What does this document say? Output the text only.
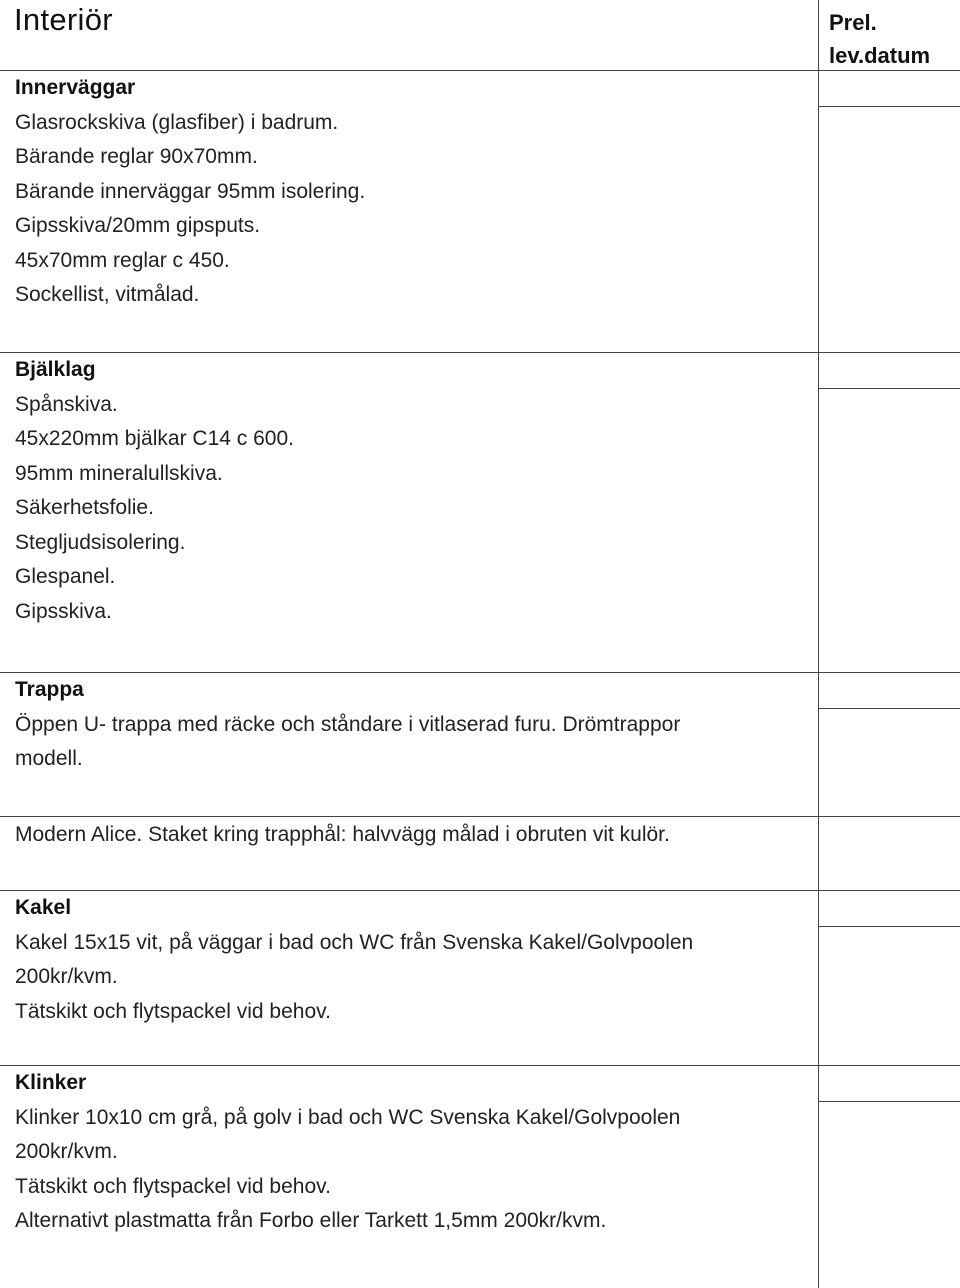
Interiör	Prel.
lev.datum
Innerväggar
Glasrockskiva (glasfiber) i badrum.
Bärande reglar 90x70mm.
Bärande innerväggar 95mm isolering.
Gipsskiva/20mm gipsputs.
45x70mm reglar c 450.
Sockellist, vitmålad.
Bjälklag
Spånskiva.
45x220mm bjälkar C14 c 600.
95mm mineralullskiva.
Säkerhetsfolie.
Stegljudsisolering.
Glespanel.
Gipsskiva.
Trappa
Öppen U- trappa med räcke och ståndare i vitlaserad furu. Drömtrappor
modell.
Modern Alice. Staket kring trapphål: halvvägg målad i obruten vit kulör.
Kakel
Kakel 15x15 vit, på väggar i bad och WC från Svenska Kakel/Golvpoolen
200kr/kvm.
Tätskikt och flytspackel vid behov.
Klinker
Klinker 10x10 cm grå, på golv i bad och WC Svenska Kakel/Golvpoolen
200kr/kvm.
Tätskikt och flytspackel vid behov.
Alternativt plastmatta från Forbo eller Tarkett 1,5mm 200kr/kvm.
